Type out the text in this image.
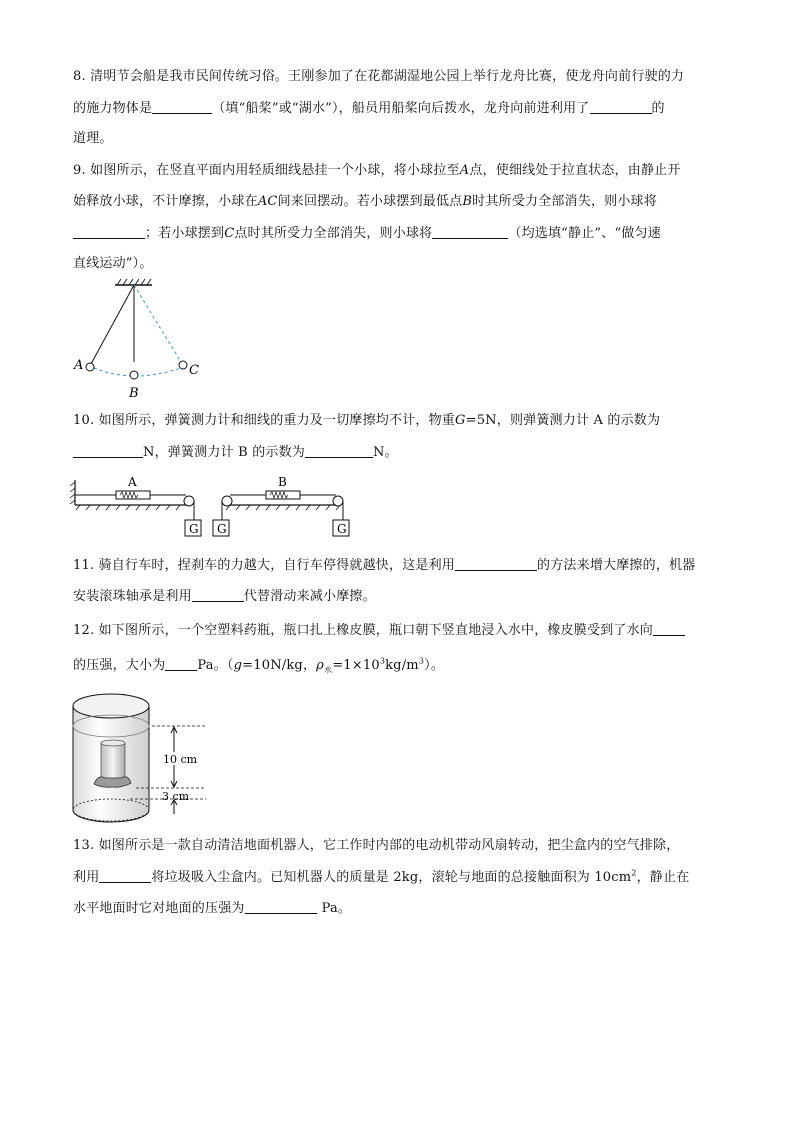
8. 清明节会船是我市民间传统习俗。王刚参加了在花都湖湿地公园上举行龙舟比赛，使龙舟向前行驶的力
的施力物体是	（填“船桨”或“湖水”），船员用船桨向后拨水，龙舟向前进利用了	的
道理。
9. 如图所示，在竖直平面内用轻质细线悬挂一个小球，将小球拉至A点，使细线处于拉直状态，由静止开
始释放小球，不计摩擦，小球在AC间来回摆动。若小球摆到最低点B时其所受力全部消失，则小球将
；若小球摆到C点时其所受力全部消失，则小球将	（均选填“静止”、“做匀速
直线运动”）。
A
B
C
10. 如图所示，弹簧测力计和细线的重力及一切摩擦均不计，物重G=5N，则弹簧测力计 A 的示数为
N，弹簧测力计 B 的示数为	N。
A
G
B
G	G
11. 骑自行车时，捏刹车的力越大，自行车停得就越快，这是利用	的方法来增大摩擦的，机器
安装滚珠轴承是利用	代替滑动来减小摩擦。
12. 如下图所示，一个空塑料药瓶，瓶口扎上橡皮膜，瓶口朝下竖直地浸入水中，橡皮膜受到了水向
的压强，大小为 Pa。（g=10N/kg，$\rho_水=1\times 10^3kg/m^3$）。
10 cm
3 cm
13. 如图所示是一款自动清洁地面机器人，它工作时内部的电动机带动风扇转动，把尘盒内的空气排除，
利用	将垃圾吸入尘盒内。已知机器人的质量是 2kg，滚轮与地面的总接触面积为 $10cm^2$，静止在
水平地面时它对地面的压强为	Pa。
